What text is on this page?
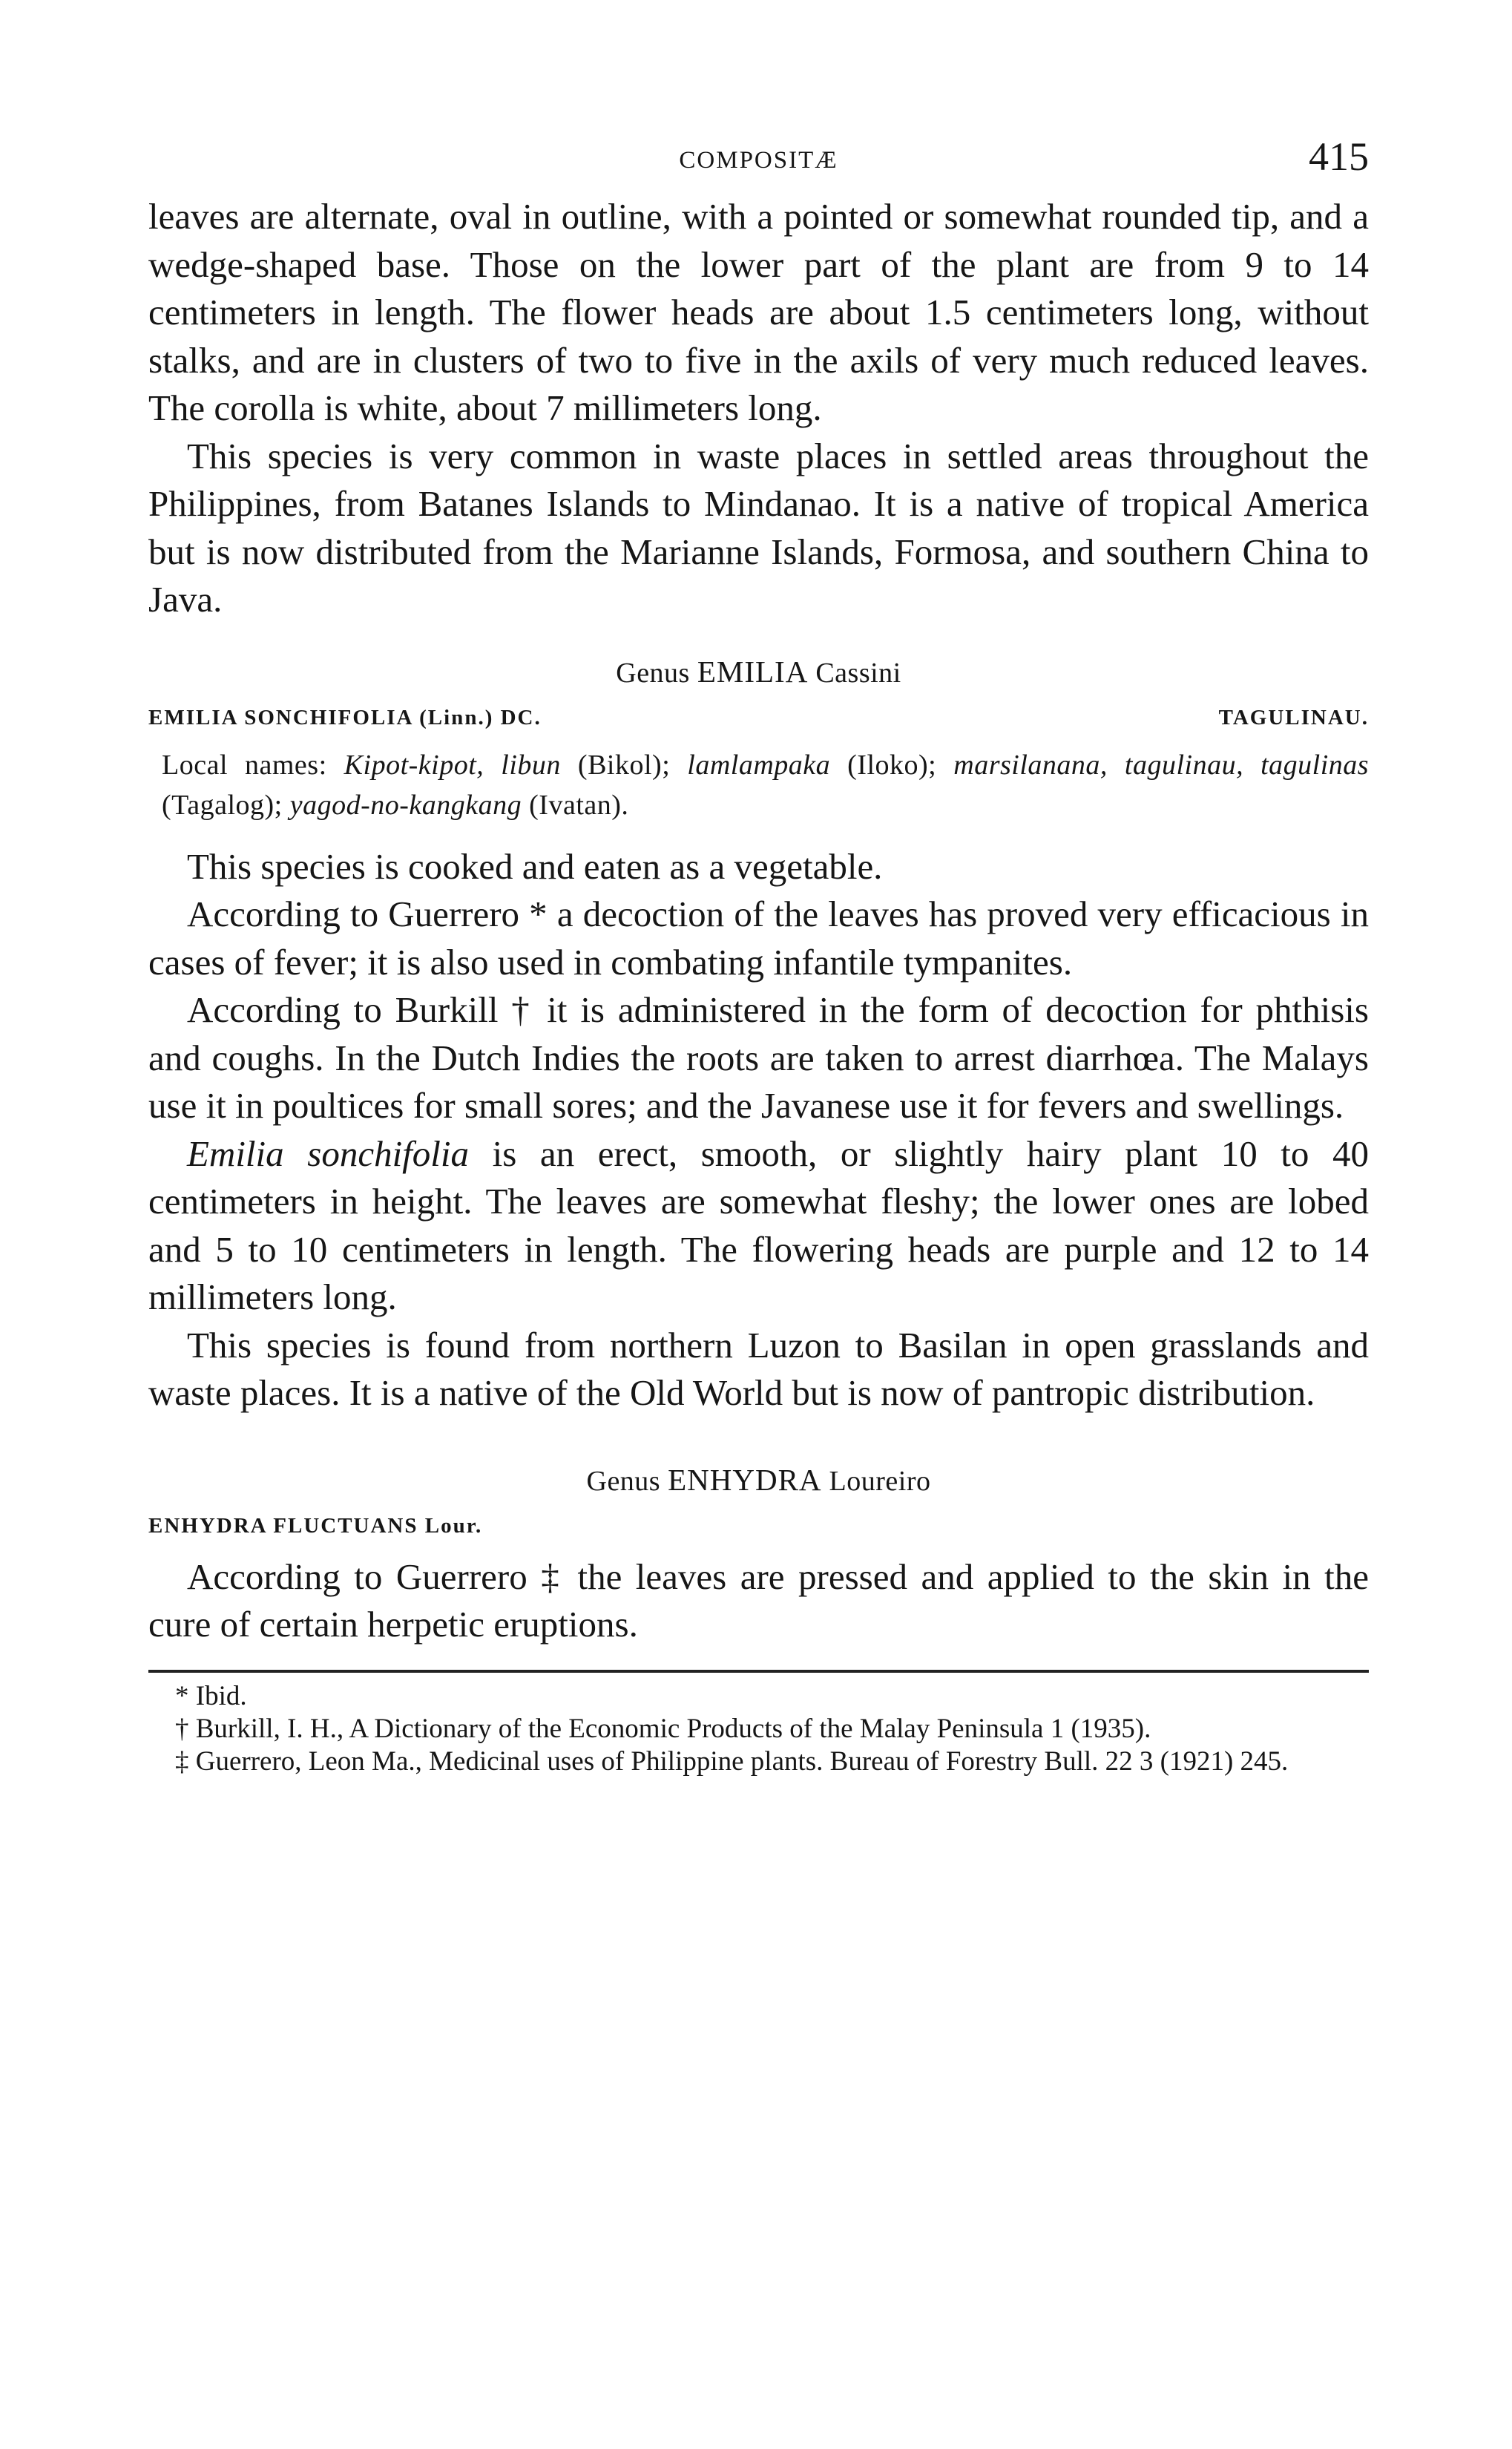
COMPOSITÆ	415

leaves are alternate, oval in outline, with a pointed or somewhat rounded tip, and a wedge-shaped base. Those on the lower part of the plant are from 9 to 14 centimeters in length. The flower heads are about 1.5 centimeters long, without stalks, and are in clusters of two to five in the axils of very much reduced leaves. The corolla is white, about 7 millimeters long.

This species is very common in waste places in settled areas throughout the Philippines, from Batanes Islands to Mindanao. It is a native of tropical America but is now distributed from the Marianne Islands, Formosa, and southern China to Java.

Genus EMILIA Cassini
EMILIA SONCHIFOLIA (Linn.) DC.	TAGULINAU.

Local names: Kipot-kipot, libun (Bikol); lamlampaka (Iloko); marsilanana, tagulinau, tagulinas (Tagalog); yagod-no-kangkang (Ivatan).

This species is cooked and eaten as a vegetable.

According to Guerrero * a decoction of the leaves has proved very efficacious in cases of fever; it is also used in combating infantile tympanites.

According to Burkill † it is administered in the form of decoction for phthisis and coughs. In the Dutch Indies the roots are taken to arrest diarrhœa. The Malays use it in poultices for small sores; and the Javanese use it for fevers and swellings.

Emilia sonchifolia is an erect, smooth, or slightly hairy plant 10 to 40 centimeters in height. The leaves are somewhat fleshy; the lower ones are lobed and 5 to 10 centimeters in length. The flowering heads are purple and 12 to 14 millimeters long.

This species is found from northern Luzon to Basilan in open grasslands and waste places. It is a native of the Old World but is now of pantropic distribution.

Genus ENHYDRA Loureiro
ENHYDRA FLUCTUANS Lour.

According to Guerrero ‡ the leaves are pressed and applied to the skin in the cure of certain herpetic eruptions.

* Ibid.

† Burkill, I. H., A Dictionary of the Economic Products of the Malay Peninsula 1 (1935).

‡ Guerrero, Leon Ma., Medicinal uses of Philippine plants. Bureau of Forestry Bull. 22 3 (1921) 245.
